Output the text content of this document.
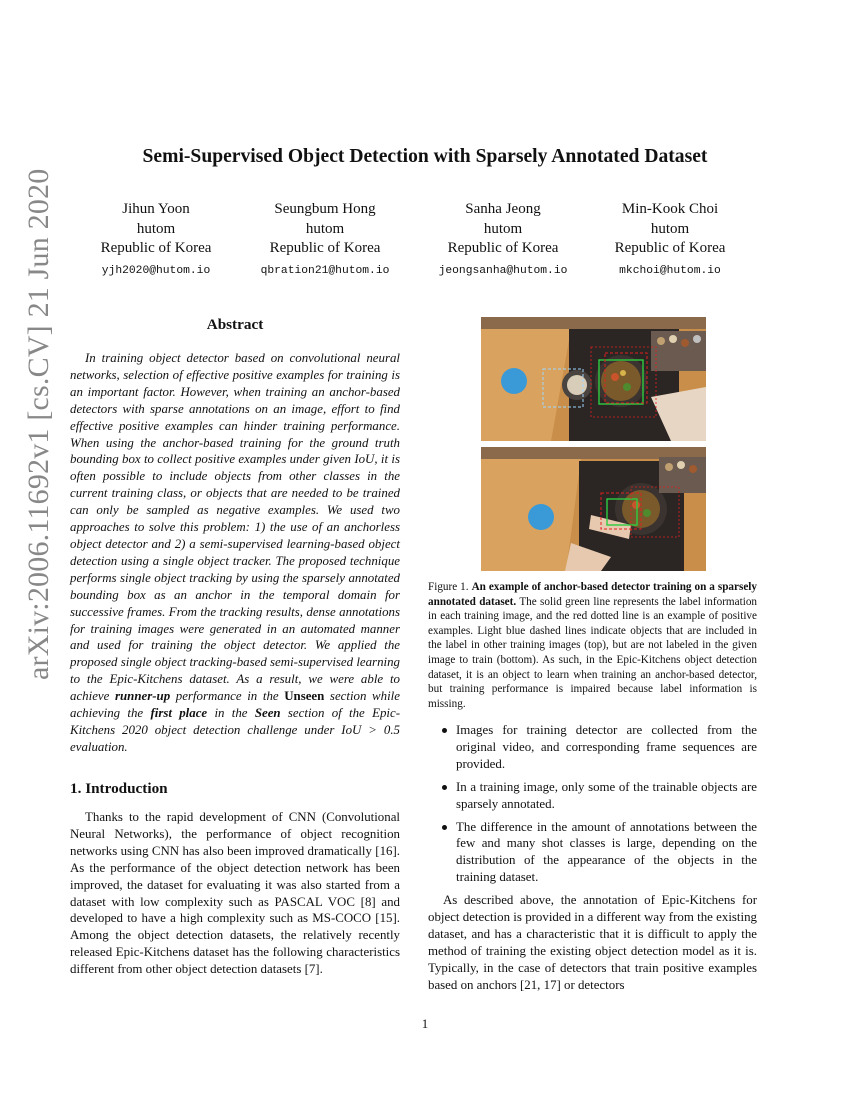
Semi-Supervised Object Detection with Sparsely Annotated Dataset
Jihun Yoon
hutom
Republic of Korea
yjh2020@hutom.io
Seungbum Hong
hutom
Republic of Korea
qbration21@hutom.io
Sanha Jeong
hutom
Republic of Korea
jeongsanha@hutom.io
Min-Kook Choi
hutom
Republic of Korea
mkchoi@hutom.io
arXiv:2006.11692v1 [cs.CV] 21 Jun 2020	Abstract
In training object detector based on convolutional neural networks, selection of effective positive examples for training is an important factor. However, when training an anchor-based detectors with sparse annotations on an image, effort to find effective positive examples can hinder training performance. When using the anchor-based training for the ground truth bounding box to collect positive examples under given IoU, it is often possible to include objects from other classes in the current training class, or objects that are needed to be trained can only be sampled as negative examples. We used two approaches to solve this problem: 1) the use of an anchorless object detector and 2) a semi-supervised learning-based object detection using a single object tracker. The proposed technique performs single object tracking by using the sparsely annotated bounding box as an anchor in the temporal domain for successive frames. From the tracking results, dense annotations for training images were generated in an automated manner and used for training the object detector. We applied the proposed single object tracking-based semi-supervised learning to the Epic-Kitchens dataset. As a result, we were able to achieve runner-up performance in the Unseen section while achieving the first place in the Seen section of the Epic-Kitchens 2020 object detection challenge under IoU > 0.5 evaluation.
1. Introduction

Thanks to the rapid development of CNN (Convolutional Neural Networks), the performance of object recognition networks using CNN has also been improved dramatically [16]. As the performance of the object detection network has been improved, the dataset for evaluating it was also started from a dataset with low complexity such as PASCAL VOC [8] and developed to have a high complexity such as MS-COCO [15]. Among the object detection datasets, the relatively recently released Epic-Kitchens dataset has the following characteristics different from other object detection datasets [7].

Figure 1. An example of anchor-based detector training on a sparsely annotated dataset. The solid green line represents the label information in each training image, and the red dotted line is an example of positive examples. Light blue dashed lines indicate objects that are included in the label in other training images (top), but are not labeled in the given image to train (bottom). As such, in the Epic-Kitchens object detection dataset, it is an object to learn when training an anchor-based detector, but training performance is impaired because label information is missing.
Images for training detector are collected from the original video, and corresponding frame sequences are provided.
In a training image, only some of the trainable objects are sparsely annotated.
The difference in the amount of annotations between the few and many shot classes is large, depending on the distribution of the appearance of the objects in the training dataset.

As described above, the annotation of Epic-Kitchens for object detection is provided in a different way from the existing dataset, and has a characteristic that it is difficult to apply the method of training the existing object detection model as it is. Typically, in the case of detectors that train positive examples based on anchors [21, 17] or detectors

1
